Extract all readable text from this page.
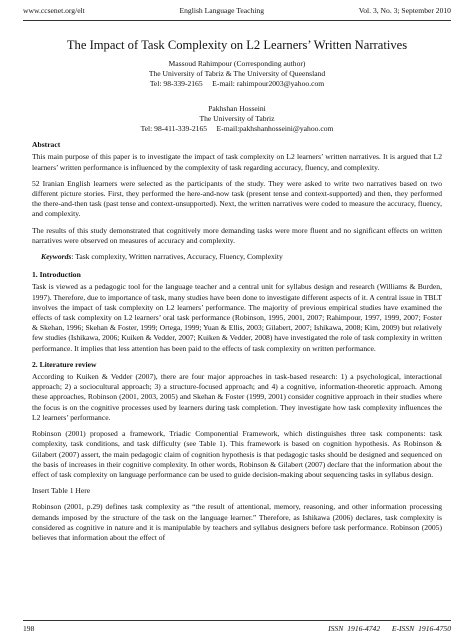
www.ccsenet.org/elt	English Language Teaching	Vol. 3, No. 3; September 2010
The Impact of Task Complexity on L2 Learners’ Written Narratives

Massoud Rahimpour (Corresponding author)

The University of Tabriz & The University of Queensland

Tel: 98-339-2165     E-mail: rahimpour2003@yahoo.com

Pakhshan Hosseini

The University of Tabriz

Tel: 98-411-339-2165     E-mail:pakhshanhosseini@yahoo.com

Abstract

This main purpose of this paper is to investigate the impact of task complexity on L2 learners’ written narratives. It is argued that L2 learners’ written performance is influenced by the complexity of task regarding accuracy, fluency, and complexity.

52 Iranian English learners were selected as the participants of the study. They were asked to write two narratives based on two different picture stories. First, they performed the here-and-now task (present tense and context-supported) and then, they performed the there-and-then task (past tense and context-unsupported). Next, the written narratives were coded to measure the accuracy, fluency, and complexity.

The results of this study demonstrated that cognitively more demanding tasks were more fluent and no significant effects on written narratives were observed on measures of accuracy and complexity.

Keywords: Task complexity, Written narratives, Accuracy, Fluency, Complexity
1. Introduction

Task is viewed as a pedagogic tool for the language teacher and a central unit for syllabus design and research (Williams & Burden, 1997). Therefore, due to importance of task, many studies have been done to investigate different aspects of it. A central issue in TBLT involves the impact of task complexity on L2 learners’ performance. The majority of previous empirical studies have examined the effects of task complexity on L2 learners’ oral task performance (Robinson, 1995, 2001, 2007; Rahimpour, 1997, 1999, 2007; Foster & Skehan, 1996; Skehan & Foster, 1999; Ortega, 1999; Yuan & Ellis, 2003; Gilabert, 2007; Ishikawa, 2008; Kim, 2009) but relatively few studies (Ishikawa, 2006; Kuiken & Vedder, 2007; Kuiken & Vedder, 2008) have investigated the role of task complexity in written performance. It implies that less attention has been paid to the effects of task complexity on written performance.

2. Literature review

According to Kuiken & Vedder (2007), there are four major approaches in task-based research: 1) a psychological, interactional approach; 2) a sociocultural approach; 3) a structure-focused approach; and 4) a cognitive, information-theoretic approach. Among these approaches, Robinson (2001, 2003, 2005) and Skehan & Foster (1999, 2001) consider cognitive approach in their studies where the focus is on the cognitive processes used by learners during task completion. They investigate how task complexity influences the L2 learners’ performance.

Robinson (2001) proposed a framework, Triadic Componential Framework, which distinguishes three task components: task complexity, task conditions, and task difficulty (see Table 1). This framework is based on cognition hypothesis. As Robinson & Gilabert (2007) assert, the main pedagogic claim of cognition hypothesis is that pedagogic tasks should be designed and sequenced on the basis of increases in their cognitive complexity. In other words, Robinson & Gilabert (2007) declare that the information about the effect of task complexity on language performance can be used to guide decision-making about sequencing tasks in syllabus design.

Insert Table 1 Here

Robinson (2001, p.29) defines task complexity as “the result of attentional, memory, reasoning, and other information processing demands imposed by the structure of the task on the language learner.” Therefore, as Ishikawa (2006) declares, task complexity is considered as cognitive in nature and it is manipulable by teachers and syllabus designers before task performance. Robinson (2005) believes that information about the effect of

198	ISSN 1916-4742   E-ISSN 1916-4750
